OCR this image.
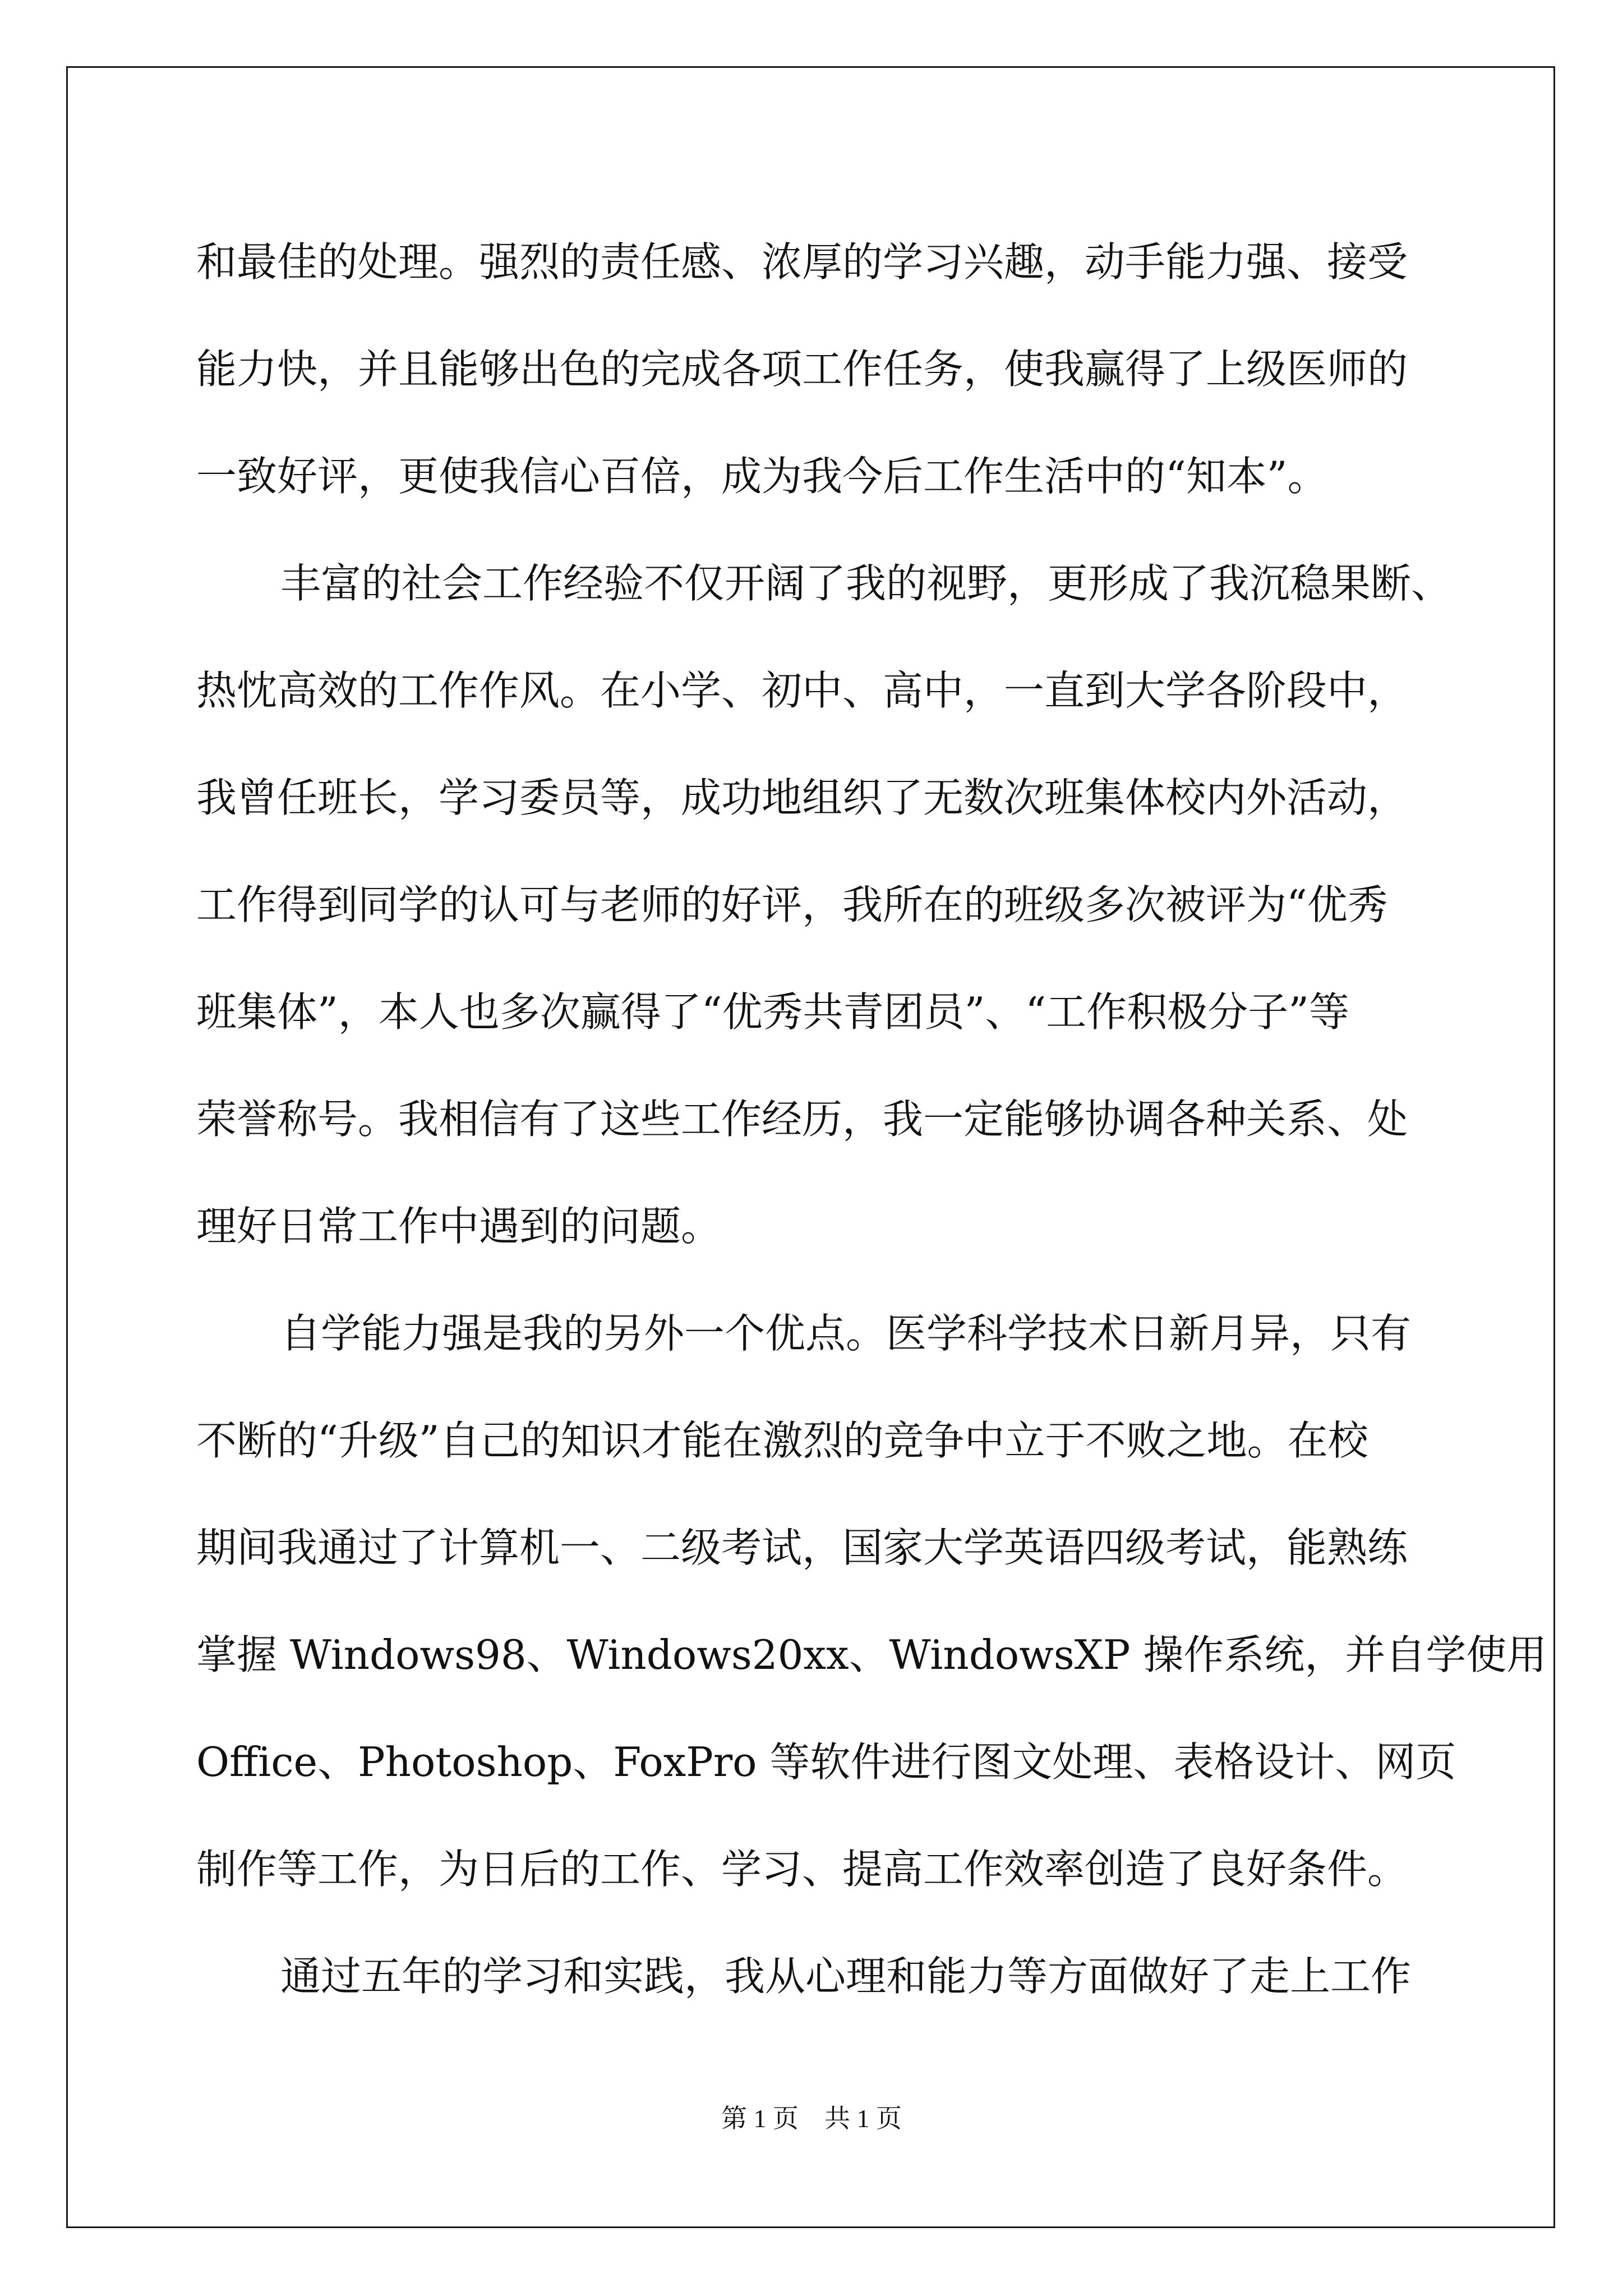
和最佳的处理。强烈的责任感、浓厚的学习兴趣，动手能力强、接受
能力快，并且能够出色的完成各项工作任务，使我赢得了上级医师的
一致好评，更使我信心百倍，成为我今后工作生活中的“知本”。
丰富的社会工作经验不仅开阔了我的视野，更形成了我沉稳果断、
热忱高效的工作作风。在小学、初中、高中，一直到大学各阶段中，
我曾任班长，学习委员等，成功地组织了无数次班集体校内外活动，
工作得到同学的认可与老师的好评，我所在的班级多次被评为“优秀
班集体”，本人也多次赢得了“优秀共青团员”、“工作积极分子”等
荣誉称号。我相信有了这些工作经历，我一定能够协调各种关系、处
理好日常工作中遇到的问题。
自学能力强是我的另外一个优点。医学科学技术日新月异，只有
不断的“升级”自己的知识才能在激烈的竞争中立于不败之地。在校
期间我通过了计算机一、二级考试，国家大学英语四级考试，能熟练
掌握 Windows98、Windows20xx、WindowsXP 操作系统，并自学使用
Office、Photoshop、FoxPro 等软件进行图文处理、表格设计、网页
制作等工作，为日后的工作、学习、提高工作效率创造了良好条件。
通过五年的学习和实践，我从心理和能力等方面做好了走上工作
第 1 页 共 1 页
